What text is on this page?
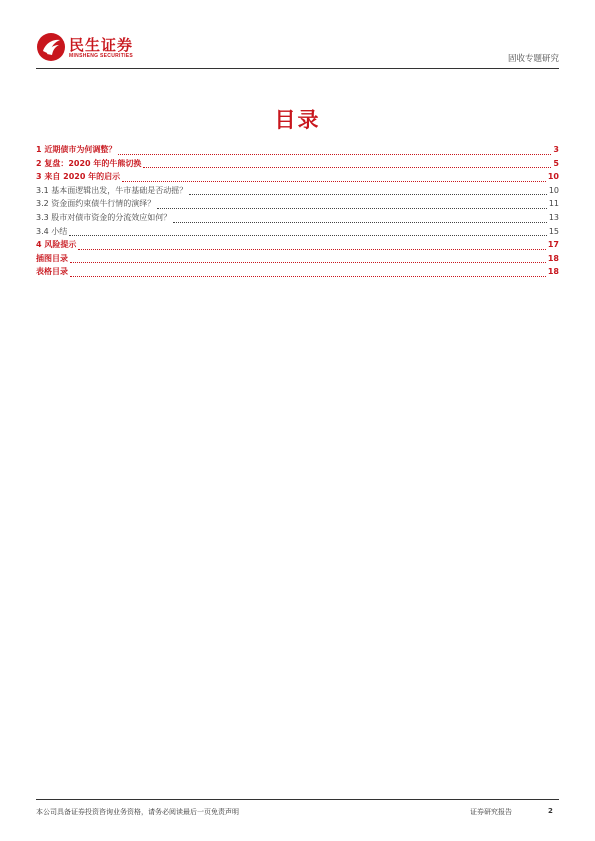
民生证券
MINSHENG SECURITIES	固收专题研究
目录
1 近期债市为何调整？	3
2 复盘：2020 年的牛熊切换	5
3 来自 2020 年的启示	10
3.1 基本面逻辑出发，牛市基础是否动摇？	10
3.2 资金面约束债牛行情的演绎？	11
3.3 股市对债市资金的分流效应如何？	13
3.4 小结	15
4 风险提示	17
插图目录	18
表格目录	18
本公司具备证券投资咨询业务资格，请务必阅读最后一页免责声明	证券研究报告	2
